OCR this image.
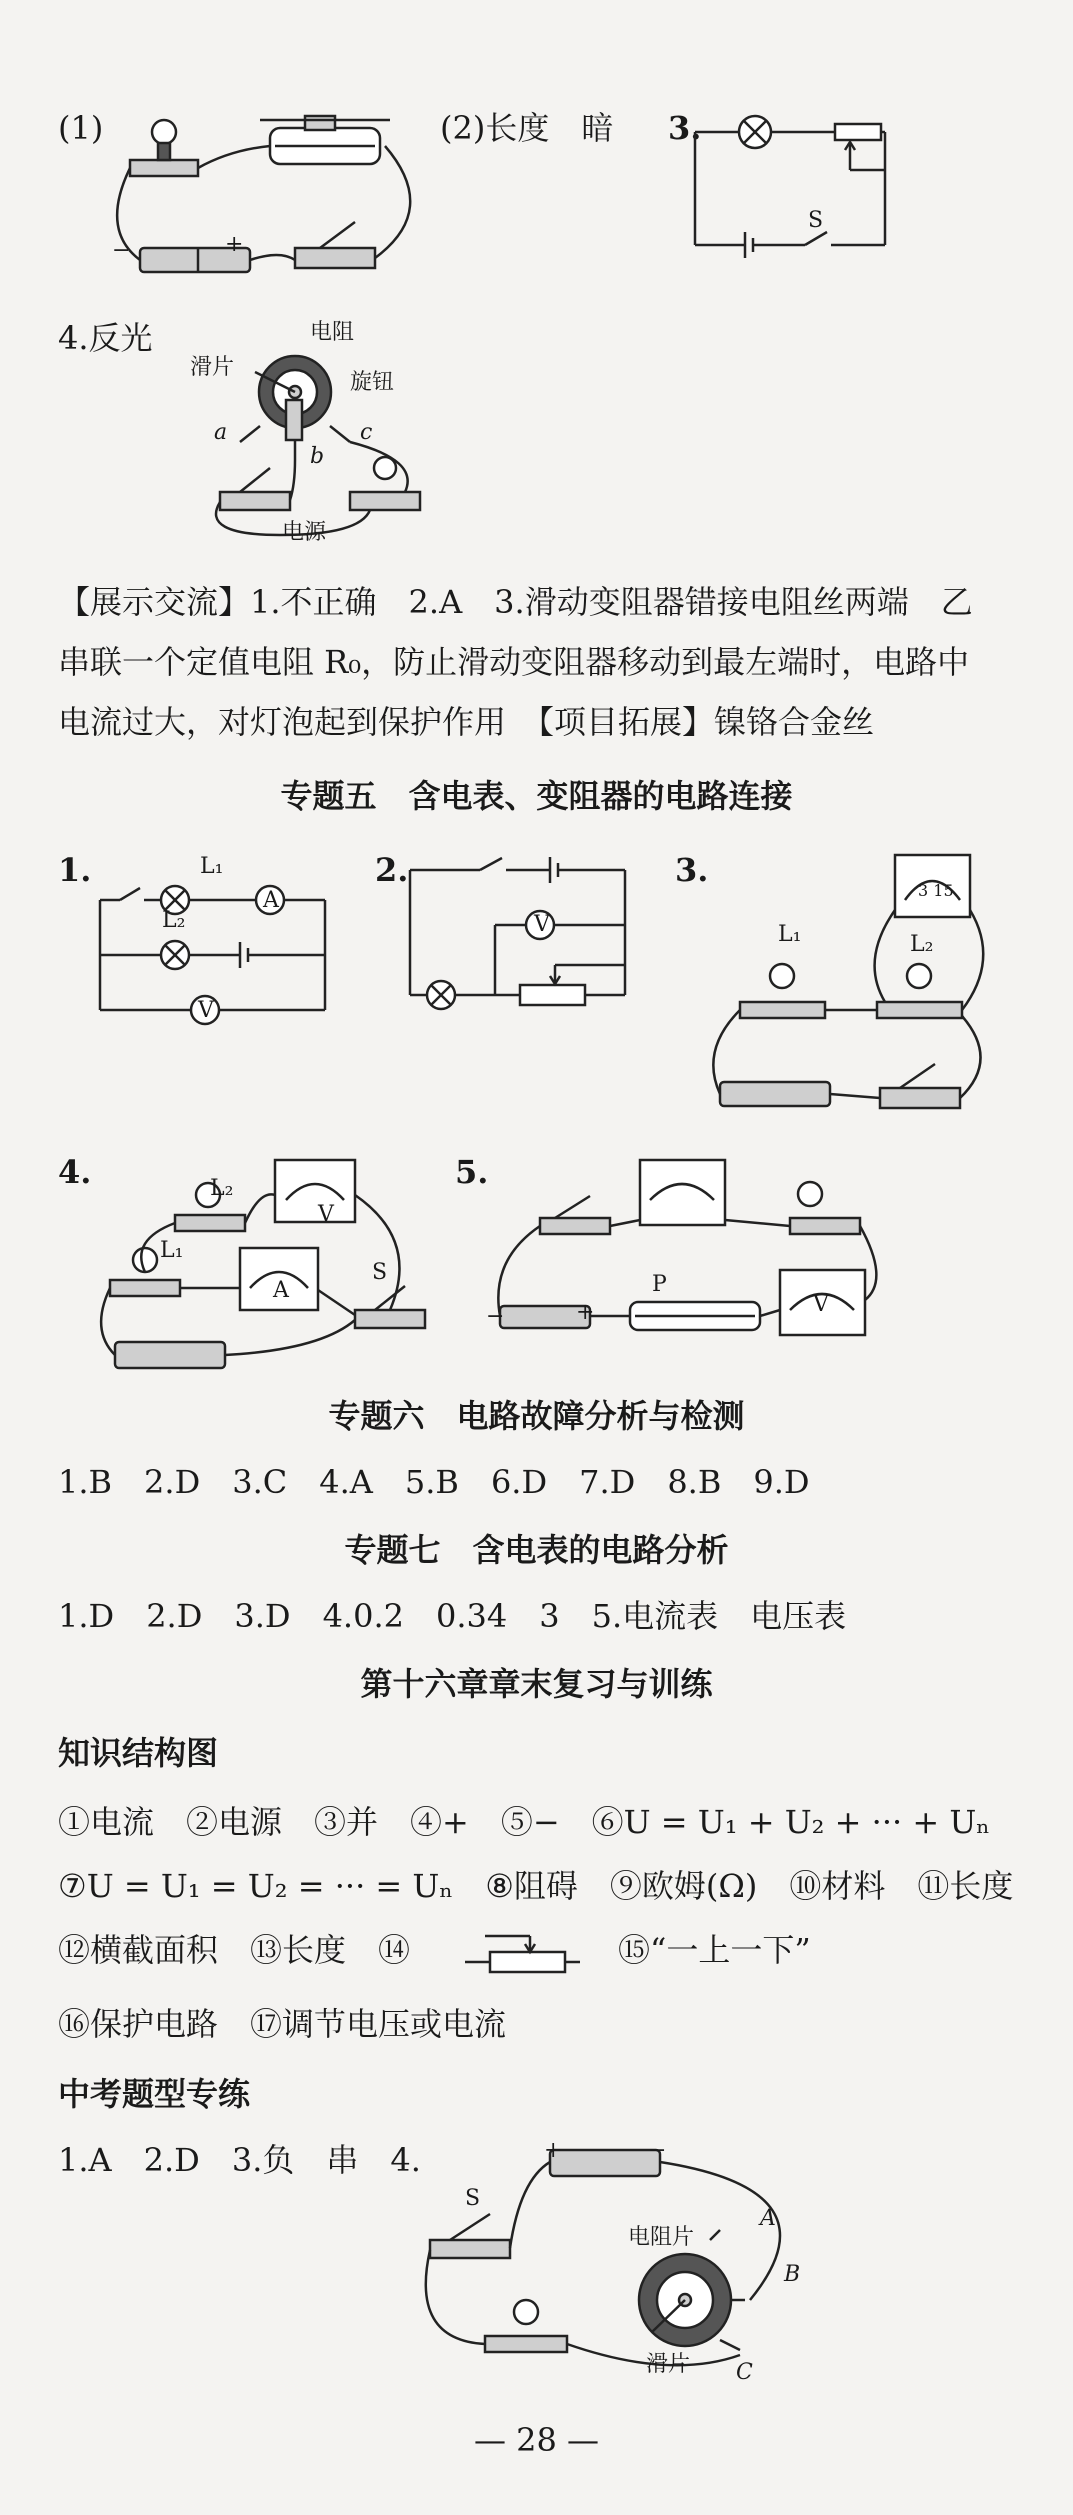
(1)
−	+
(2)长度　暗 3.
S
4.反光
滑片
电阻
旋钮
a
b
c
电源
【展示交流】1.不正确　2.A　3.滑动变阻器错接电阻丝两端　乙
串联一个定值电阻 R₀，防止滑动变阻器移动到最左端时，电路中
电流过大，对灯泡起到保护作用　【项目拓展】镍铬合金丝
专题五　含电表、变阻器的电路连接
1.	L₁
L₂
A
V
2.
V
3.
L₁	L₂
3 15
4.	L₂
L₁
V
A
S
5.
−	+
P
V
专题六　电路故障分析与检测
1.B　2.D　3.C　4.A　5.B　6.D　7.D　8.B　9.D
专题七　含电表的电路分析
1.D　2.D　3.D　4.0.2　0.34　3　5.电流表　电压表
第十六章章末复习与训练
知识结构图
①电流　②电源　③并　④+　⑤−　⑥U = U₁ + U₂ + ··· + Uₙ
⑦U = U₁ = U₂ = ··· = Uₙ　⑧阻碍　⑨欧姆(Ω)　⑩材料　⑪长度
⑫横截面积　⑬长度　⑭	⑮“一上一下”
⑯保护电路　⑰调节电压或电流
中考题型专练
1.A　2.D　3.负　串　4.	+	−
S
电阻片
滑片
A
B
C
— 28 —
